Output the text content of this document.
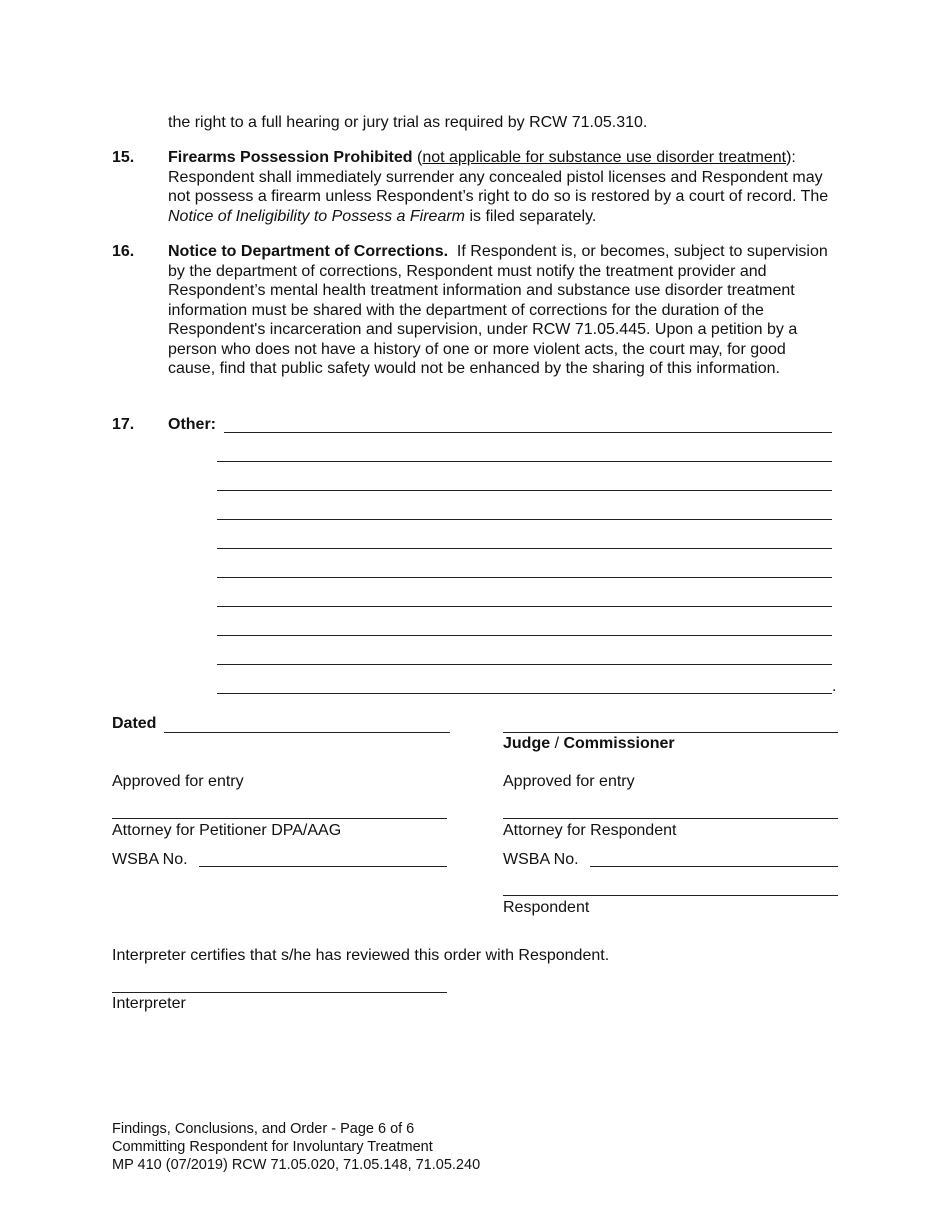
the right to a full hearing or jury trial as required by RCW 71.05.310.
15. Firearms Possession Prohibited (not applicable for substance use disorder treatment): Respondent shall immediately surrender any concealed pistol licenses and Respondent may not possess a firearm unless Respondent’s right to do so is restored by a court of record. The Notice of Ineligibility to Possess a Firearm is filed separately.
16. Notice to Department of Corrections. If Respondent is, or becomes, subject to supervision by the department of corrections, Respondent must notify the treatment provider and Respondent’s mental health treatment information and substance use disorder treatment information must be shared with the department of corrections for the duration of the Respondent's incarceration and supervision, under RCW 71.05.445. Upon a petition by a person who does not have a history of one or more violent acts, the court may, for good cause, find that public safety would not be enhanced by the sharing of this information.
17. Other:
.
Dated
Judge / Commissioner
Approved for entry	Approved for entry
Attorney for Petitioner DPA/AAG	Attorney for Respondent
WSBA No.	WSBA No.
Respondent
Interpreter certifies that s/he has reviewed this order with Respondent.
Interpreter
Findings, Conclusions, and Order - Page 6 of 6
Committing Respondent for Involuntary Treatment
MP 410 (07/2019) RCW 71.05.020, 71.05.148, 71.05.240
